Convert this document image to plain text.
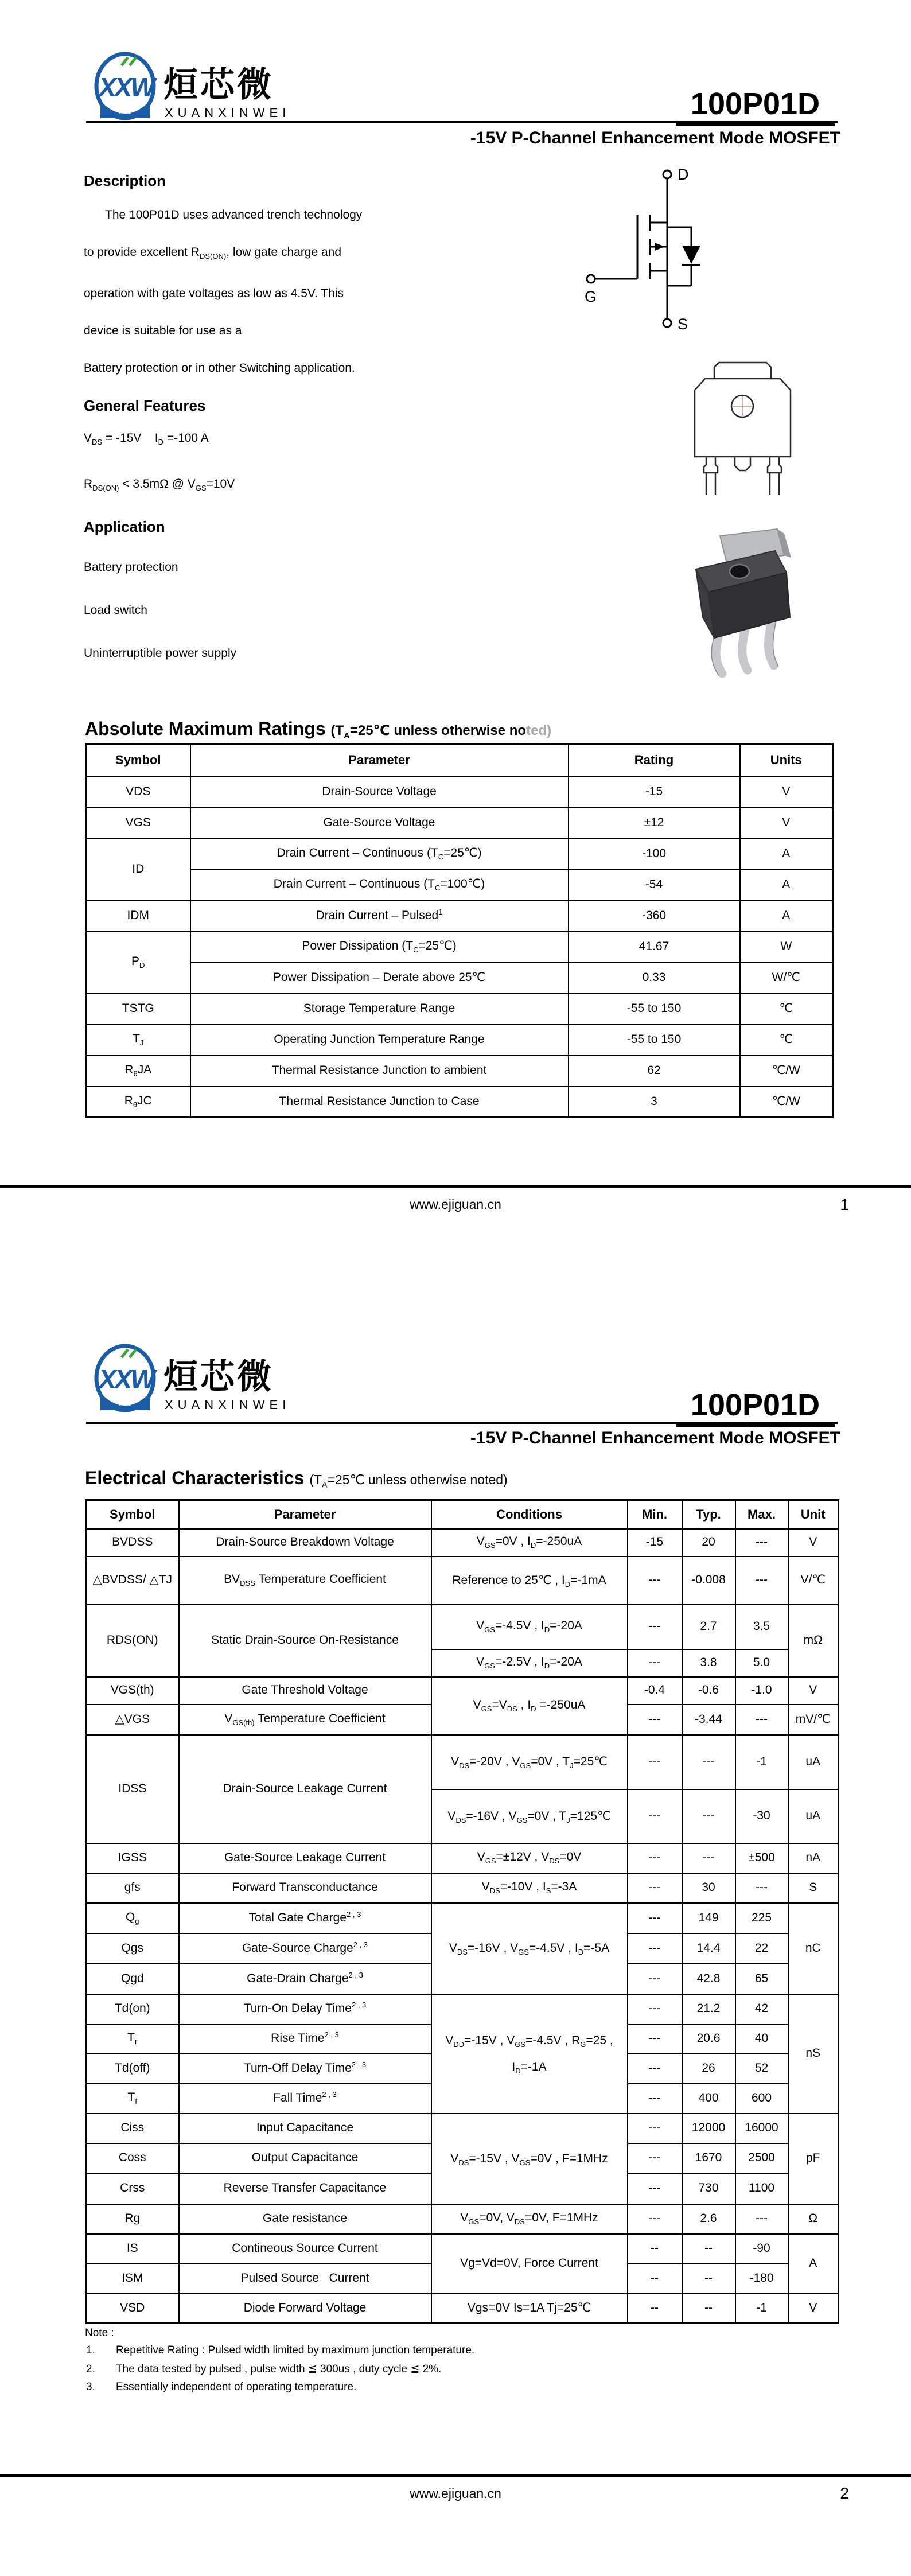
XXW 烜芯微
XUANXINWEI	100P01D
-15V P-Channel Enhancement Mode MOSFET
Description
The 100P01D uses advanced trench technology
to provide excellent $R_{DS(ON)}$, low gate charge and
operation with gate voltages as low as 4.5V. This
device is suitable for use as a
Battery protection or in other Switching application.
General Features
$V_{DS} = -15V$    $I_D =-100$ A
$R_{DS(ON)} < 3.5m\Omega$ @ $V_{GS}=10V$
Application
Battery protection
Load switch
Uninterruptible power supply
D
G
S
Absolute Maximum Ratings ($T_A=25℃$ unless otherwise noted)
Symbol	Parameter	Rating	Units
VDS	Drain-Source Voltage	-15	V
VGS	Gate-Source Voltage	±12	V
ID	Drain Current – Continuous $(T_C=25℃)$	-100	A
	Drain Current – Continuous $(T_C=100℃)$	-54	A
IDM	Drain Current – Pulsed$^1$	-360	A
$P_D$	Power Dissipation $(T_C=25℃)$	41.67	W
	Power Dissipation – Derate above 25℃	0.33	W/℃
TSTG	Storage Temperature Range	-55 to 150	℃
$T_J$	Operating Junction Temperature Range	-55 to 150	℃
$R_\theta JA$	Thermal Resistance Junction to ambient	62	℃/W
$R_\theta JC$	Thermal Resistance Junction to Case	3	℃/W
www.ejiguan.cn	1
XXW 烜芯微
XUANXINWEI	100P01D
-15V P-Channel Enhancement Mode MOSFET
Electrical Characteristics ($T_A=25℃$ unless otherwise noted)
Symbol	Parameter	Conditions	Min.	Typ.	Max.	Unit
BVDSS	Drain-Source Breakdown Voltage	$V_{GS}=0V$ , $I_D=-250uA$	-15	20	---	V
△BVDSS/ △TJ	$BV_{DSS}$ Temperature Coefficient	Reference to 25℃ , $I_D=-1mA$	---	-0.008	---	V/℃
RDS(ON)	Static Drain-Source On-Resistance	$V_{GS}=-4.5V$ , $I_D=-20A$	---	2.7	3.5	mΩ
		$V_{GS}=-2.5V$ , $I_D=-20A$	---	3.8	5.0	
VGS(th)	Gate Threshold Voltage	$V_{GS}=V_{DS}$ , $I_D =-250uA$	-0.4	-0.6	-1.0	V
△VGS	$V_{GS(th)}$ Temperature Coefficient		---	-3.44	---	mV/℃
IDSS	Drain-Source Leakage Current	$V_{DS}=-20V$ , $V_{GS}=0V$ , $T_J=25℃$	---	---	-1	uA
		$V_{DS}=-16V$ , $V_{GS}=0V$ , $T_J=125℃$	---	---	-30	uA
IGSS	Gate-Source Leakage Current	$V_{GS}=\pm 12V$ , $V_{DS}=0V$	---	---	±500	nA
gfs	Forward Transconductance	$V_{DS}=-10V$ , $I_S=-3A$	---	30	---	S
$Q_g$	Total Gate Charge$^{2 , 3}$	$V_{DS}=-16V$ , $V_{GS}=-4.5V$ , $I_D=-5A$	---	149	225	nC
Qgs	Gate-Source Charge$^{2 , 3}$		---	14.4	22	
Qgd	Gate-Drain Charge$^{2 , 3}$		---	42.8	65	
Td(on)	Turn-On Delay Time$^{2 , 3}$	$V_{DD}=-15V$ , $V_{GS}=-4.5V$ , $R_G=25$ , $I_D=-1A$	---	21.2	42	nS
$T_r$	Rise Time$^{2 , 3}$		---	20.6	40	
Td(off)	Turn-Off Delay Time$^{2 , 3}$		---	26	52	
$T_f$	Fall Time$^{2 , 3}$		---	400	600	
Ciss	Input Capacitance	$V_{DS}=-15V$ , $V_{GS}=0V$ , F=1MHz	---	12000	16000	pF
Coss	Output Capacitance		---	1670	2500	
Crss	Reverse Transfer Capacitance		---	730	1100	
Rg	Gate resistance	$V_{GS}=0V$, $V_{DS}=0V$, F=1MHz	---	2.6	---	Ω
IS	Contineous Source Current	Vg=Vd=0V, Force Current	--	--	-90	A
ISM	Pulsed Source   Current		--	--	-180	
VSD	Diode Forward Voltage	Vgs=0V Is=1A Tj=25℃	--	--	-1	V
Note :
1. Repetitive Rating : Pulsed width limited by maximum junction temperature.
2. The data tested by pulsed , pulse width ≦ 300us , duty cycle ≦ 2%.
3. Essentially independent of operating temperature.
www.ejiguan.cn	2
